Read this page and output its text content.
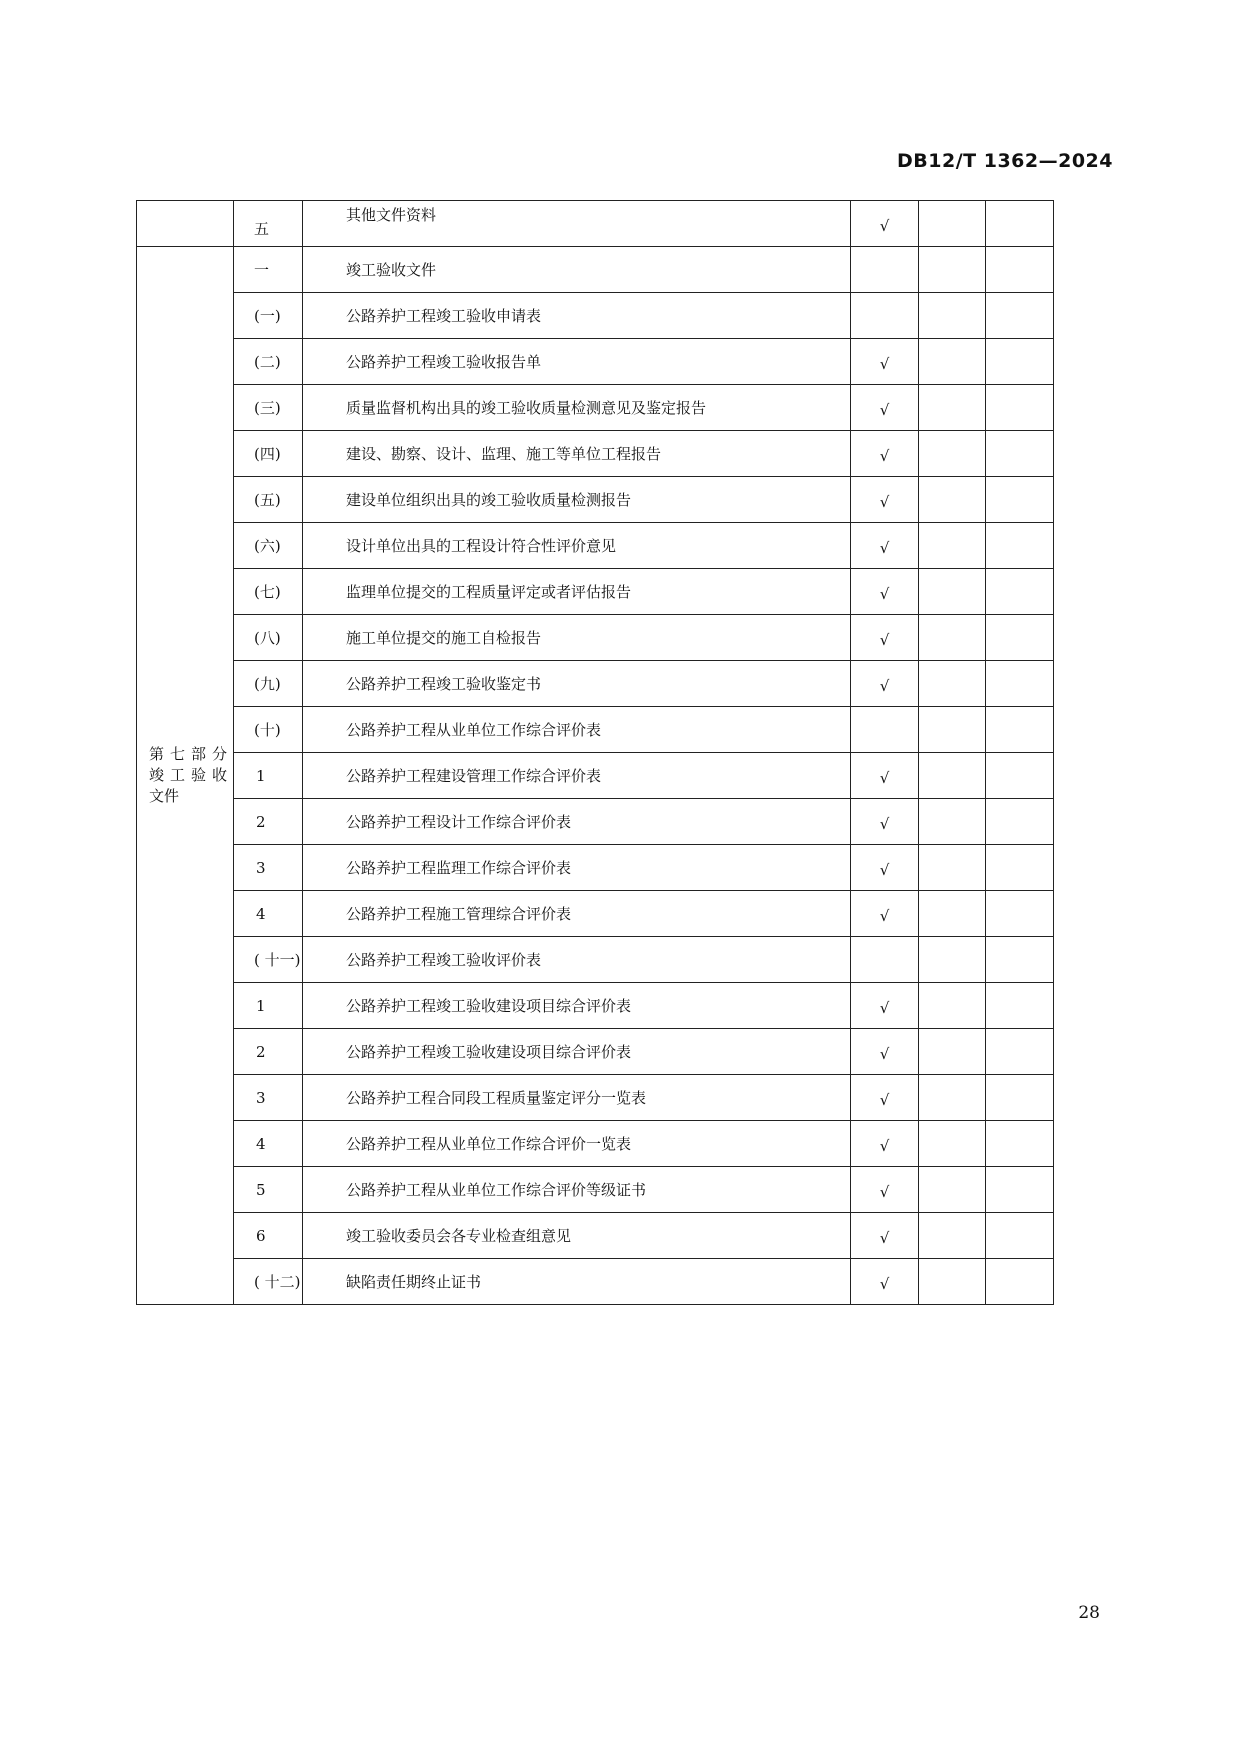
DB12/T 1362—2024
	五	其他文件资料	√		

第七部分
竣工验收
文件	一	竣工验收文件			
	(一)	公路养护工程竣工验收申请表			
	(二)	公路养护工程竣工验收报告单	√		
	(三)	质量监督机构出具的竣工验收质量检测意见及鉴定报告	√		
	(四)	建设、勘察、设计、监理、施工等单位工程报告	√		
	(五)	建设单位组织出具的竣工验收质量检测报告	√		
	(六)	设计单位出具的工程设计符合性评价意见	√		
	(七)	监理单位提交的工程质量评定或者评估报告	√		
	(八)	施工单位提交的施工自检报告	√		
	(九)	公路养护工程竣工验收鉴定书	√		
	(十)	公路养护工程从业单位工作综合评价表			
	1	公路养护工程建设管理工作综合评价表	√		
	2	公路养护工程设计工作综合评价表	√		
	3	公路养护工程监理工作综合评价表	√		
	4	公路养护工程施工管理综合评价表	√		
	( 十一)	公路养护工程竣工验收评价表			
	1	公路养护工程竣工验收建设项目综合评价表	√		
	2	公路养护工程竣工验收建设项目综合评价表	√		
	3	公路养护工程合同段工程质量鉴定评分一览表	√		
	4	公路养护工程从业单位工作综合评价一览表	√		
	5	公路养护工程从业单位工作综合评价等级证书	√		
	6	竣工验收委员会各专业检查组意见	√		
	( 十二)	缺陷责任期终止证书	√		
28
